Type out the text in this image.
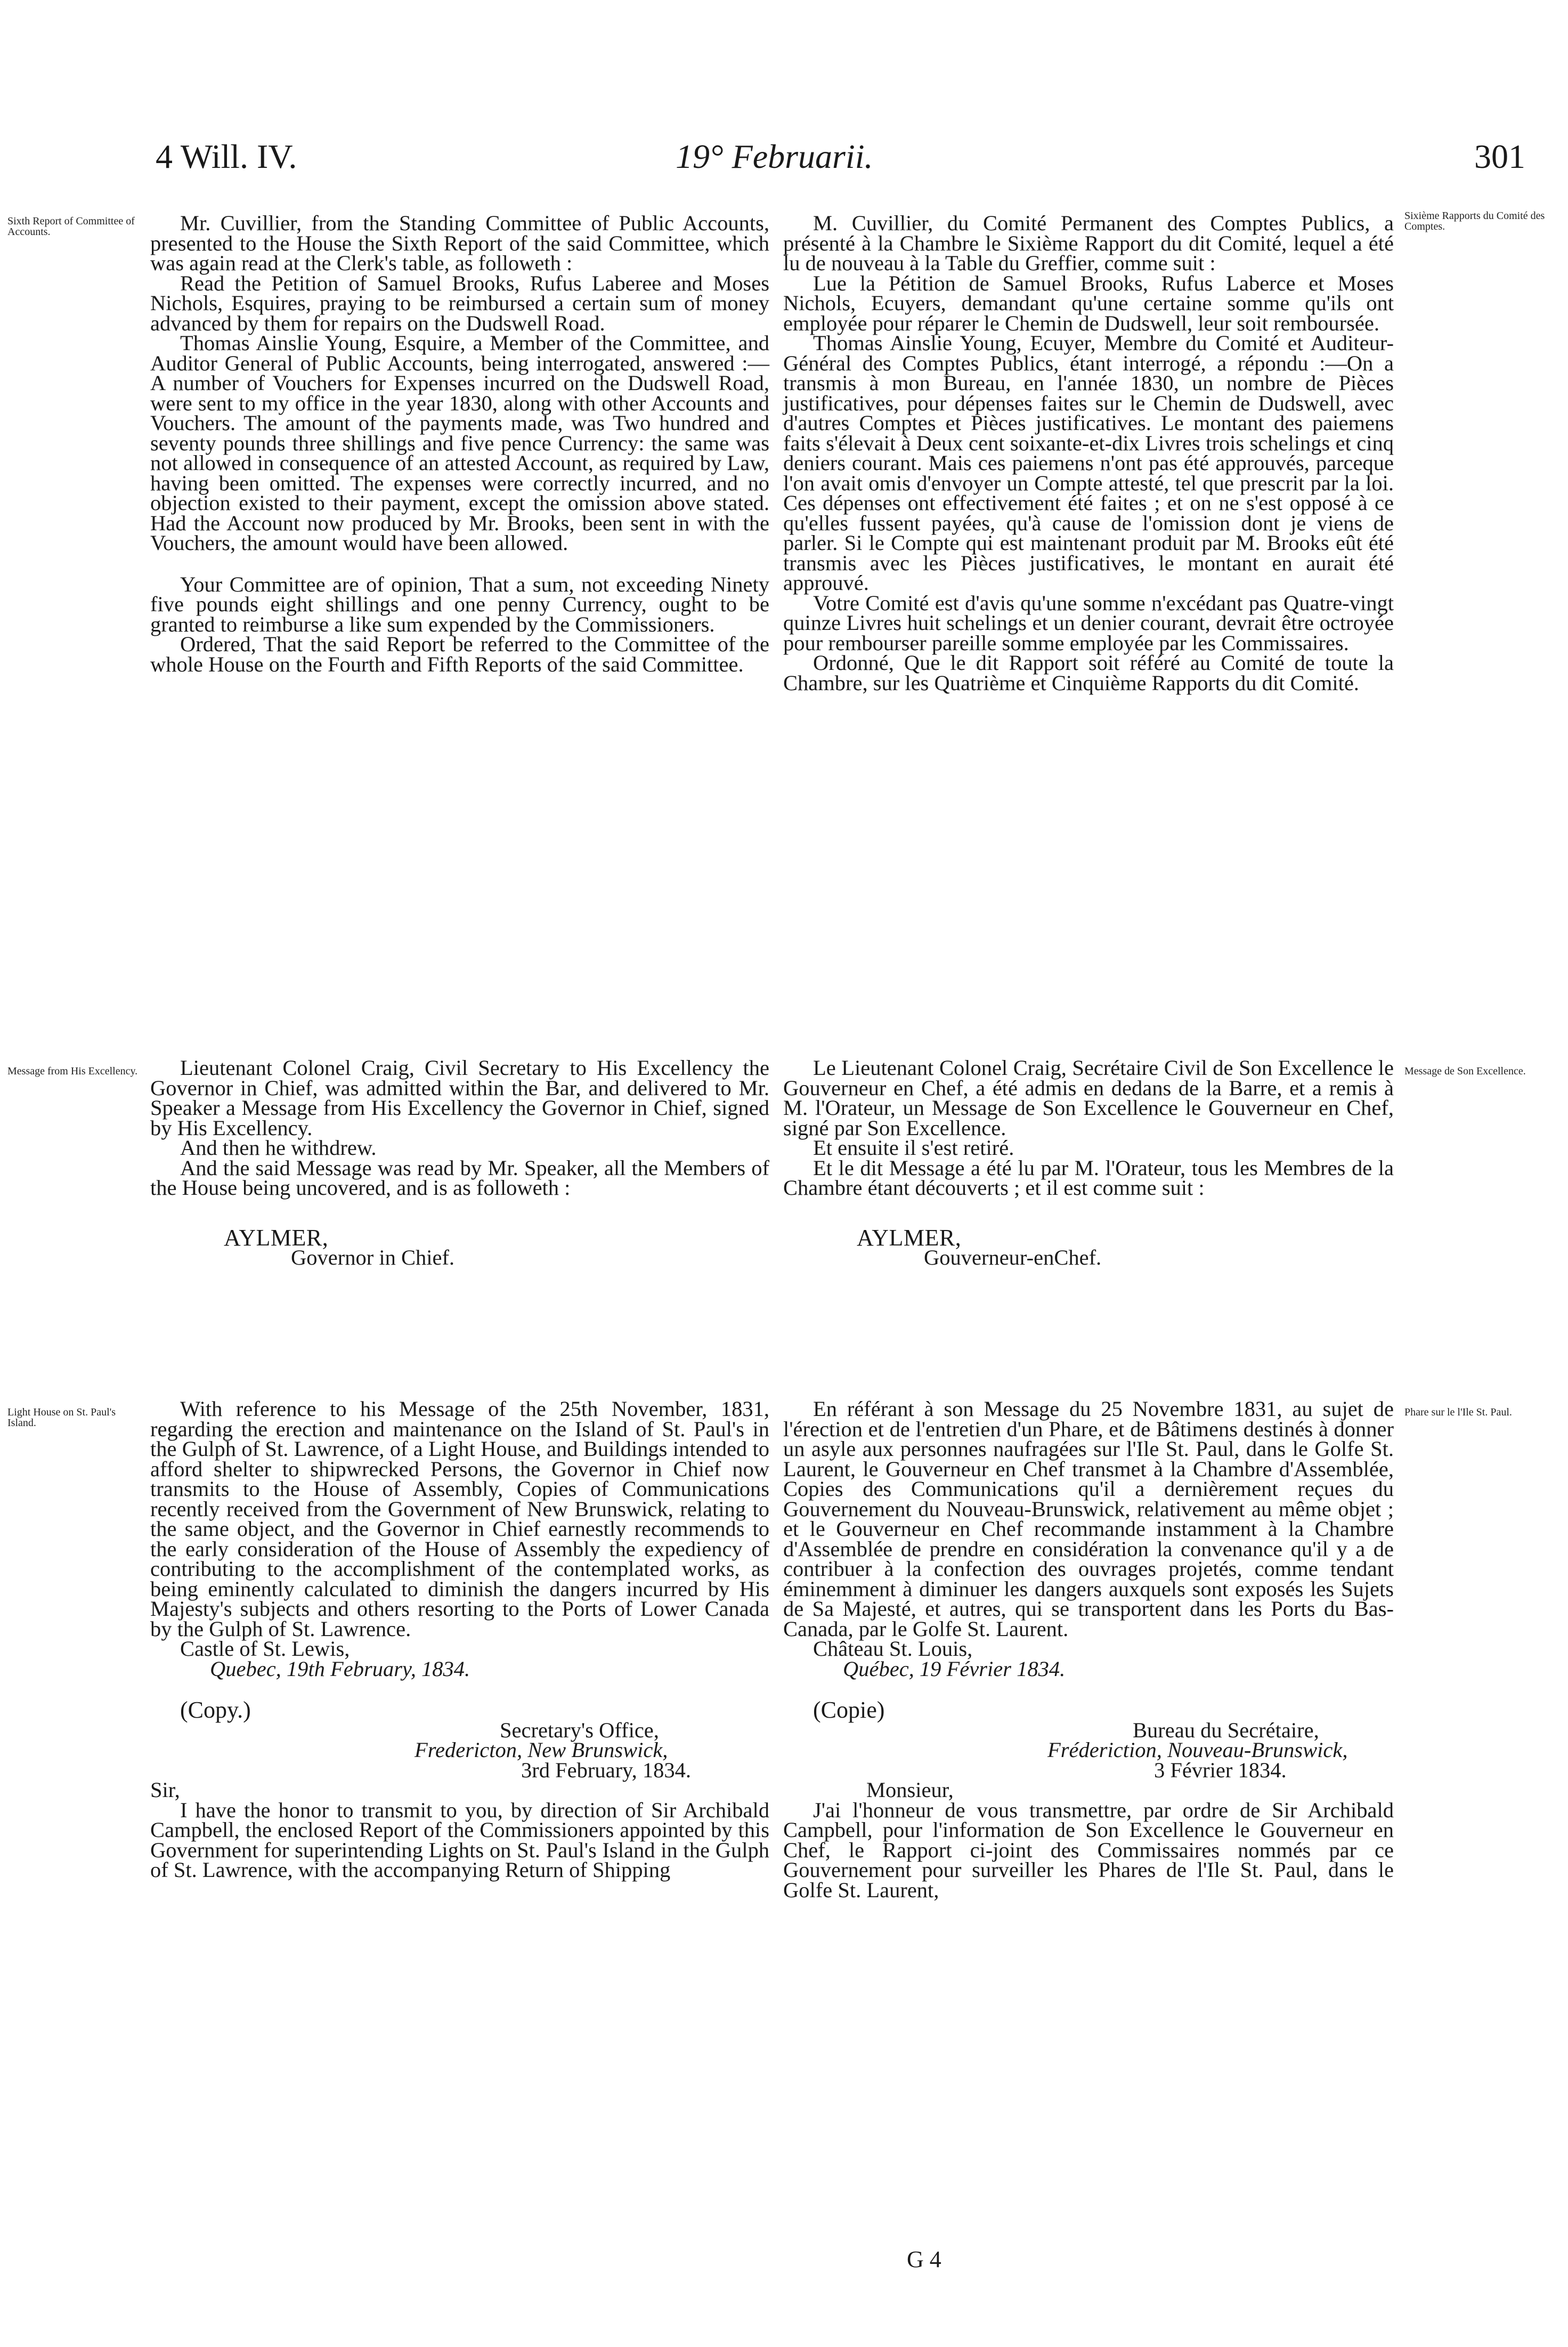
4 Will. IV.	19° Februarii.	301
Sixth Report of Committee of Accounts.
Sixième Rapports du Comité des Comptes.
Message from His Excellency.	Message de Son Excellence.
Light House on St. Paul's Island.
Phare sur le l'Ile St. Paul.

Mr. Cuvillier, from the Standing Committee of Public Accounts, presented to the House the Sixth Report of the said Committee, which was again read at the Clerk's table, as followeth :

Read the Petition of Samuel Brooks, Rufus Laberee and Moses Nichols, Esquires, praying to be reimbursed a certain sum of money advanced by them for repairs on the Dudswell Road.

Thomas Ainslie Young, Esquire, a Member of the Committee, and Auditor General of Public Accounts, being interrogated, answered :—A number of Vouchers for Expenses incurred on the Dudswell Road, were sent to my office in the year 1830, along with other Accounts and Vouchers. The amount of the payments made, was Two hundred and seventy pounds three shillings and five pence Currency: the same was not allowed in consequence of an attested Account, as required by Law, having been omitted. The expenses were correctly incurred, and no objection existed to their payment, except the omission above stated. Had the Account now produced by Mr. Brooks, been sent in with the Vouchers, the amount would have been allowed.

Your Committee are of opinion, That a sum, not exceeding Ninety five pounds eight shillings and one penny Currency, ought to be granted to reimburse a like sum expended by the Commissioners.

Ordered, That the said Report be referred to the Committee of the whole House on the Fourth and Fifth Reports of the said Committee.

Lieutenant Colonel Craig, Civil Secretary to His Excellency the Governor in Chief, was admitted within the Bar, and delivered to Mr. Speaker a Message from His Excellency the Governor in Chief, signed by His Excellency.

And then he withdrew.

And the said Message was read by Mr. Speaker, all the Members of the House being uncovered, and is as followeth :

AYLMER,

Governor in Chief.

With reference to his Message of the 25th November, 1831, regarding the erection and maintenance on the Island of St. Paul's in the Gulph of St. Lawrence, of a Light House, and Buildings intended to afford shelter to shipwrecked Persons, the Governor in Chief now transmits to the House of Assembly, Copies of Communications recently received from the Government of New Brunswick, relating to the same object, and the Governor in Chief earnestly recommends to the early consideration of the House of Assembly the expediency of contributing to the accomplishment of the contemplated works, as being eminently calculated to diminish the dangers incurred by His Majesty's subjects and others resorting to the Ports of Lower Canada by the Gulph of St. Lawrence.

Castle of St. Lewis,

Quebec, 19th February, 1834.

(Copy.)

Secretary's Office,

Fredericton, New Brunswick,

3rd February, 1834.

Sir,

I have the honor to transmit to you, by direction of Sir Archibald Campbell, the enclosed Report of the Commissioners appointed by this Government for superintending Lights on St. Paul's Island in the Gulph of St. Lawrence, with the accompanying Return of Shipping

M. Cuvillier, du Comité Permanent des Comptes Publics, a présenté à la Chambre le Sixième Rapport du dit Comité, lequel a été lu de nouveau à la Table du Greffier, comme suit :

Lue la Pétition de Samuel Brooks, Rufus Laberce et Moses Nichols, Ecuyers, demandant qu'une certaine somme qu'ils ont employée pour réparer le Chemin de Dudswell, leur soit remboursée.

Thomas Ainslie Young, Ecuyer, Membre du Comité et Auditeur-Général des Comptes Publics, étant interrogé, a répondu :—On a transmis à mon Bureau, en l'année 1830, un nombre de Pièces justificatives, pour dépenses faites sur le Chemin de Dudswell, avec d'autres Comptes et Pièces justificatives. Le montant des paiemens faits s'élevait à Deux cent soixante-et-dix Livres trois schelings et cinq deniers courant. Mais ces paiemens n'ont pas été approuvés, parceque l'on avait omis d'envoyer un Compte attesté, tel que prescrit par la loi. Ces dépenses ont effectivement été faites ; et on ne s'est opposé à ce qu'elles fussent payées, qu'à cause de l'omission dont je viens de parler. Si le Compte qui est maintenant produit par M. Brooks eût été transmis avec les Pièces justificatives, le montant en aurait été approuvé.

Votre Comité est d'avis qu'une somme n'excédant pas Quatre-vingt quinze Livres huit schelings et un denier courant, devrait être octroyée pour rembourser pareille somme employée par les Commissaires.

Ordonné, Que le dit Rapport soit référé au Comité de toute la Chambre, sur les Quatrième et Cinquième Rapports du dit Comité.

Le Lieutenant Colonel Craig, Secrétaire Civil de Son Excellence le Gouverneur en Chef, a été admis en dedans de la Barre, et a remis à M. l'Orateur, un Message de Son Excellence le Gouverneur en Chef, signé par Son Excellence.

Et ensuite il s'est retiré.

Et le dit Message a été lu par M. l'Orateur, tous les Membres de la Chambre étant découverts ; et il est comme suit :

AYLMER,

Gouverneur-enChef.

En référant à son Message du 25 Novembre 1831, au sujet de l'érection et de l'entretien d'un Phare, et de Bâtimens destinés à donner un asyle aux personnes naufragées sur l'Ile St. Paul, dans le Golfe St. Laurent, le Gouverneur en Chef transmet à la Chambre d'Assemblée, Copies des Communications qu'il a dernièrement reçues du Gouvernement du Nouveau-Brunswick, relativement au même objet ; et le Gouverneur en Chef recommande instamment à la Chambre d'Assemblée de prendre en considération la convenance qu'il y a de contribuer à la confection des ouvrages projetés, comme tendant éminemment à diminuer les dangers auxquels sont exposés les Sujets de Sa Majesté, et autres, qui se transportent dans les Ports du Bas-Canada, par le Golfe St. Laurent.

Château St. Louis,

Québec, 19 Février 1834.

(Copie)

Bureau du Secrétaire,

Fréderiction, Nouveau-Brunswick,

3 Février 1834.

Monsieur,

J'ai l'honneur de vous transmettre, par ordre de Sir Archibald Campbell, pour l'information de Son Excellence le Gouverneur en Chef, le Rapport ci-joint des Commissaires nommés par ce Gouvernement pour surveiller les Phares de l'Ile St. Paul, dans le Golfe St. Laurent,

G 4
